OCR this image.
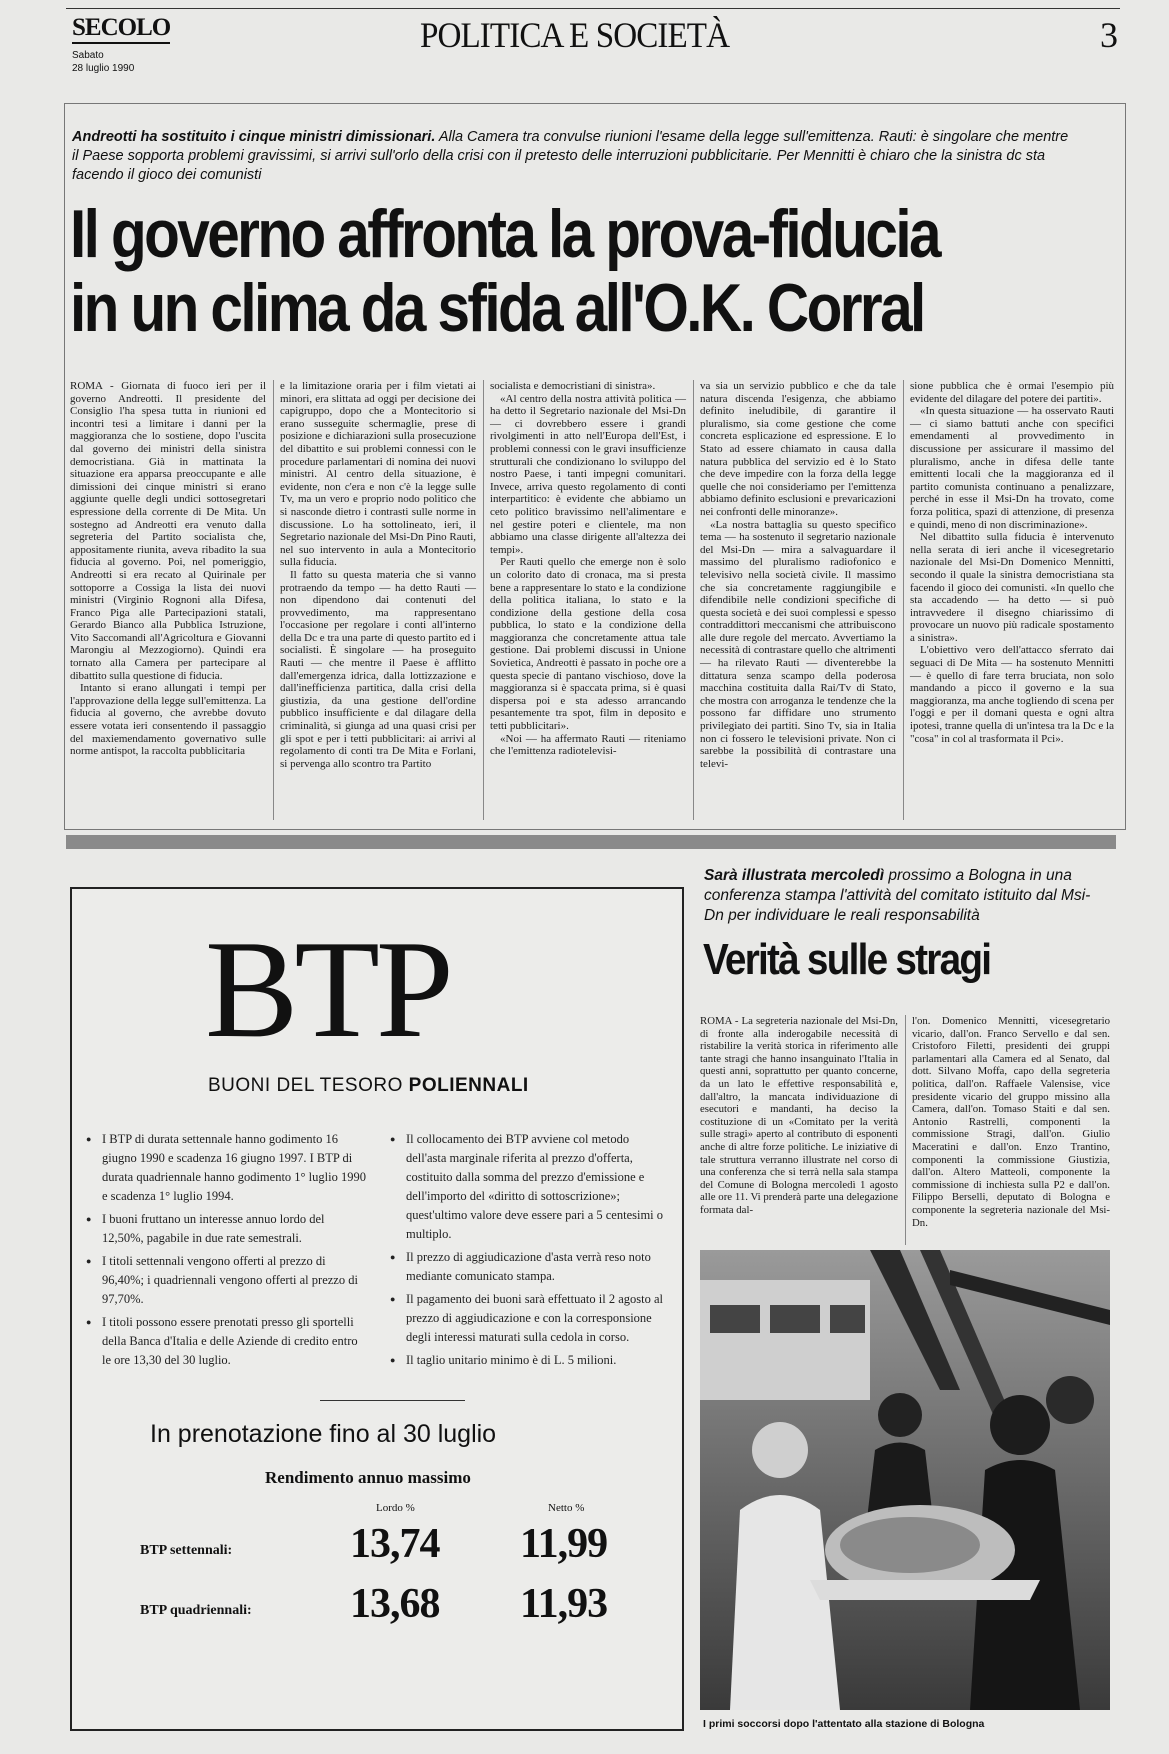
SECOLO
Sabato
28 luglio 1990
POLITICA E SOCIETÀ	3
Andreotti ha sostituito i cinque ministri dimissionari. Alla Camera tra convulse riunioni l'esame della legge sull'emittenza. Rauti: è singolare che mentre il Paese sopporta problemi gravissimi, si arrivi sull'orlo della crisi con il pretesto delle interruzioni pubblicitarie. Per Mennitti è chiaro che la sinistra dc sta facendo il gioco dei comunisti
Il governo affronta la prova-fiducia
in un clima da sfida all'O.K. Corral

ROMA - Giornata di fuoco ieri per il governo Andreotti. Il presidente del Consiglio l'ha spesa tutta in riunioni ed incontri tesi a limitare i danni per la maggioranza che lo sostiene, dopo l'uscita dal governo dei ministri della sinistra democristiana. Già in mattinata la situazione era apparsa preoccupante e alle dimissioni dei cinque ministri si erano aggiunte quelle degli undici sottosegretari espressione della corrente di De Mita. Un sostegno ad Andreotti era venuto dalla segreteria del Partito socialista che, appositamente riunita, aveva ribadito la sua fiducia al governo. Poi, nel pomeriggio, Andreotti si era recato al Quirinale per sottoporre a Cossiga la lista dei nuovi ministri (Virginio Rognoni alla Difesa, Franco Piga alle Partecipazioni statali, Gerardo Bianco alla Pubblica Istruzione, Vito Saccomandi all'Agricoltura e Giovanni Marongiu al Mezzogiorno). Quindi era tornato alla Camera per partecipare al dibattito sulla questione di fiducia.

Intanto si erano allungati i tempi per l'approvazione della legge sull'emittenza. La fiducia al governo, che avrebbe dovuto essere votata ieri consentendo il passaggio del maxiemendamento governativo sulle norme antispot, la raccolta pubblicitaria

e la limitazione oraria per i film vietati ai minori, era slittata ad oggi per decisione dei capigruppo, dopo che a Montecitorio si erano susseguite schermaglie, prese di posizione e dichiarazioni sulla prosecuzione del dibattito e sui problemi connessi con le procedure parlamentari di nomina dei nuovi ministri. Al centro della situazione, è evidente, non c'era e non c'è la legge sulle Tv, ma un vero e proprio nodo politico che si nasconde dietro i contrasti sulle norme in discussione. Lo ha sottolineato, ieri, il Segretario nazionale del Msi-Dn Pino Rauti, nel suo intervento in aula a Montecitorio sulla fiducia.

Il fatto su questa materia che si vanno protraendo da tempo — ha detto Rauti — non dipendono dai contenuti del provvedimento, ma rappresentano l'occasione per regolare i conti all'interno della Dc e tra una parte di questo partito ed i socialisti. È singolare — ha proseguito Rauti — che mentre il Paese è afflitto dall'emergenza idrica, dalla lottizzazione e dall'inefficienza partitica, dalla crisi della giustizia, da una gestione dell'ordine pubblico insufficiente e dal dilagare della criminalità, si giunga ad una quasi crisi per gli spot e per i tetti pubblicitari: ai arrivi al regolamento di conti tra De Mita e Forlani, si pervenga allo scontro tra Partito

socialista e democristiani di sinistra».

«Al centro della nostra attività politica — ha detto il Segretario nazionale del Msi-Dn — ci dovrebbero essere i grandi rivolgimenti in atto nell'Europa dell'Est, i problemi connessi con le gravi insufficienze strutturali che condizionano lo sviluppo del nostro Paese, i tanti impegni comunitari. Invece, arriva questo regolamento di conti interpartitico: è evidente che abbiamo un ceto politico bravissimo nell'alimentare e nel gestire poteri e clientele, ma non abbiamo una classe dirigente all'altezza dei tempi».

Per Rauti quello che emerge non è solo un colorito dato di cronaca, ma si presta bene a rappresentare lo stato e la condizione della politica italiana, lo stato e la condizione della gestione della cosa pubblica, lo stato e la condizione della maggioranza che concretamente attua tale gestione. Dai problemi discussi in Unione Sovietica, Andreotti è passato in poche ore a questa specie di pantano vischioso, dove la maggioranza si è spaccata prima, si è quasi dispersa poi e sta adesso arrancando pesantemente tra spot, film in deposito e tetti pubblicitari».

«Noi — ha affermato Rauti — riteniamo che l'emittenza radiotelevisi-

va sia un servizio pubblico e che da tale natura discenda l'esigenza, che abbiamo definito ineludibile, di garantire il pluralismo, sia come gestione che come concreta esplicazione ed espressione. E lo Stato ad essere chiamato in causa dalla natura pubblica del servizio ed è lo Stato che deve impedire con la forza della legge quelle che noi consideriamo per l'emittenza abbiamo definito esclusioni e prevaricazioni nei confronti delle minoranze».

«La nostra battaglia su questo specifico tema — ha sostenuto il segretario nazionale del Msi-Dn — mira a salvaguardare il massimo del pluralismo radiofonico e televisivo nella società civile. Il massimo che sia concretamente raggiungibile e difendibile nelle condizioni specifiche di questa società e dei suoi complessi e spesso contraddittori meccanismi che attribuiscono alle dure regole del mercato. Avvertiamo la necessità di contrastare quello che altrimenti — ha rilevato Rauti — diventerebbe la dittatura senza scampo della poderosa macchina costituita dalla Rai/Tv di Stato, che mostra con arroganza le tendenze che la possono far diffidare uno strumento privilegiato dei partiti. Sino Tv, sia in Italia non ci fossero le televisioni private. Non ci sarebbe la possibilità di contrastare una televi-

sione pubblica che è ormai l'esempio più evidente del dilagare del potere dei partiti».

«In questa situazione — ha osservato Rauti — ci siamo battuti anche con specifici emendamenti al provvedimento in discussione per assicurare il massimo del pluralismo, anche in difesa delle tante emittenti locali che la maggioranza ed il partito comunista continuano a penalizzare, perché in esse il Msi-Dn ha trovato, come forza politica, spazi di attenzione, di presenza e quindi, meno di non discriminazione».

Nel dibattito sulla fiducia è intervenuto nella serata di ieri anche il vicesegretario nazionale del Msi-Dn Domenico Mennitti, secondo il quale la sinistra democristiana sta facendo il gioco dei comunisti. «In quello che sta accadendo — ha detto — si può intravvedere il disegno chiarissimo di provocare un nuovo più radicale spostamento a sinistra».

L'obiettivo vero dell'attacco sferrato dai seguaci di De Mita — ha sostenuto Mennitti — è quello di fare terra bruciata, non solo mandando a picco il governo e la sua maggioranza, ma anche togliendo di scena per l'oggi e per il domani questa e ogni altra ipotesi, tranne quella di un'intesa tra la Dc e la "cosa" in col al trasformata il Pci».

BTP
BUONI DEL TESORO POLIENNALI
● I BTP di durata settennale hanno godimento 16 giugno 1990 e scadenza 16 giugno 1997. I BTP di durata quadriennale hanno godimento 1° luglio 1990 e scadenza 1° luglio 1994.
● I buoni fruttano un interesse annuo lordo del 12,50%, pagabile in due rate semestrali.
● I titoli settennali vengono offerti al prezzo di 96,40%; i quadriennali vengono offerti al prezzo di 97,70%.
● I titoli possono essere prenotati presso gli sportelli della Banca d'Italia e delle Aziende di credito entro le ore 13,30 del 30 luglio.
● Il collocamento dei BTP avviene col metodo dell'asta marginale riferita al prezzo d'offerta, costituito dalla somma del prezzo d'emissione e dell'importo del «diritto di sottoscrizione»; quest'ultimo valore deve essere pari a 5 centesimi o multiplo.
● Il prezzo di aggiudicazione d'asta verrà reso noto mediante comunicato stampa.
● Il pagamento dei buoni sarà effettuato il 2 agosto al prezzo di aggiudicazione e con la corresponsione degli interessi maturati sulla cedola in corso.
● Il taglio unitario minimo è di L. 5 milioni.
In prenotazione fino al 30 luglio
Rendimento annuo massimo
Lordo %	Netto %
BTP settennali:	13,74 11,99
BTP quadriennali: 13,68 11,93
Sarà illustrata mercoledì prossimo a Bologna in una conferenza stampa l'attività del comitato istituito dal Msi-Dn per individuare le reali responsabilità
Verità sulle stragi

ROMA - La segreteria nazionale del Msi-Dn, di fronte alla inderogabile necessità di ristabilire la verità storica in riferimento alle tante stragi che hanno insanguinato l'Italia in questi anni, soprattutto per quanto concerne, da un lato le effettive responsabilità e, dall'altro, la mancata individuazione di esecutori e mandanti, ha deciso la costituzione di un «Comitato per la verità sulle stragi» aperto al contributo di esponenti anche di altre forze politiche. Le iniziative di tale struttura verranno illustrate nel corso di una conferenza che si terrà nella sala stampa del Comune di Bologna mercoledì 1 agosto alle ore 11. Vi prenderà parte una delegazione formata dal-

l'on. Domenico Mennitti, vicesegretario vicario, dall'on. Franco Servello e dal sen. Cristoforo Filetti, presidenti dei gruppi parlamentari alla Camera ed al Senato, dal dott. Silvano Moffa, capo della segreteria politica, dall'on. Raffaele Valensise, vice presidente vicario del gruppo missino alla Camera, dall'on. Tomaso Staiti e dal sen. Antonio Rastrelli, componenti la commissione Stragi, dall'on. Giulio Maceratini e dall'on. Enzo Trantino, componenti la commissione Giustizia, dall'on. Altero Matteoli, componente la commissione di inchiesta sulla P2 e dall'on. Filippo Berselli, deputato di Bologna e componente la segreteria nazionale del Msi-Dn.

I primi soccorsi dopo l'attentato alla stazione di Bologna
